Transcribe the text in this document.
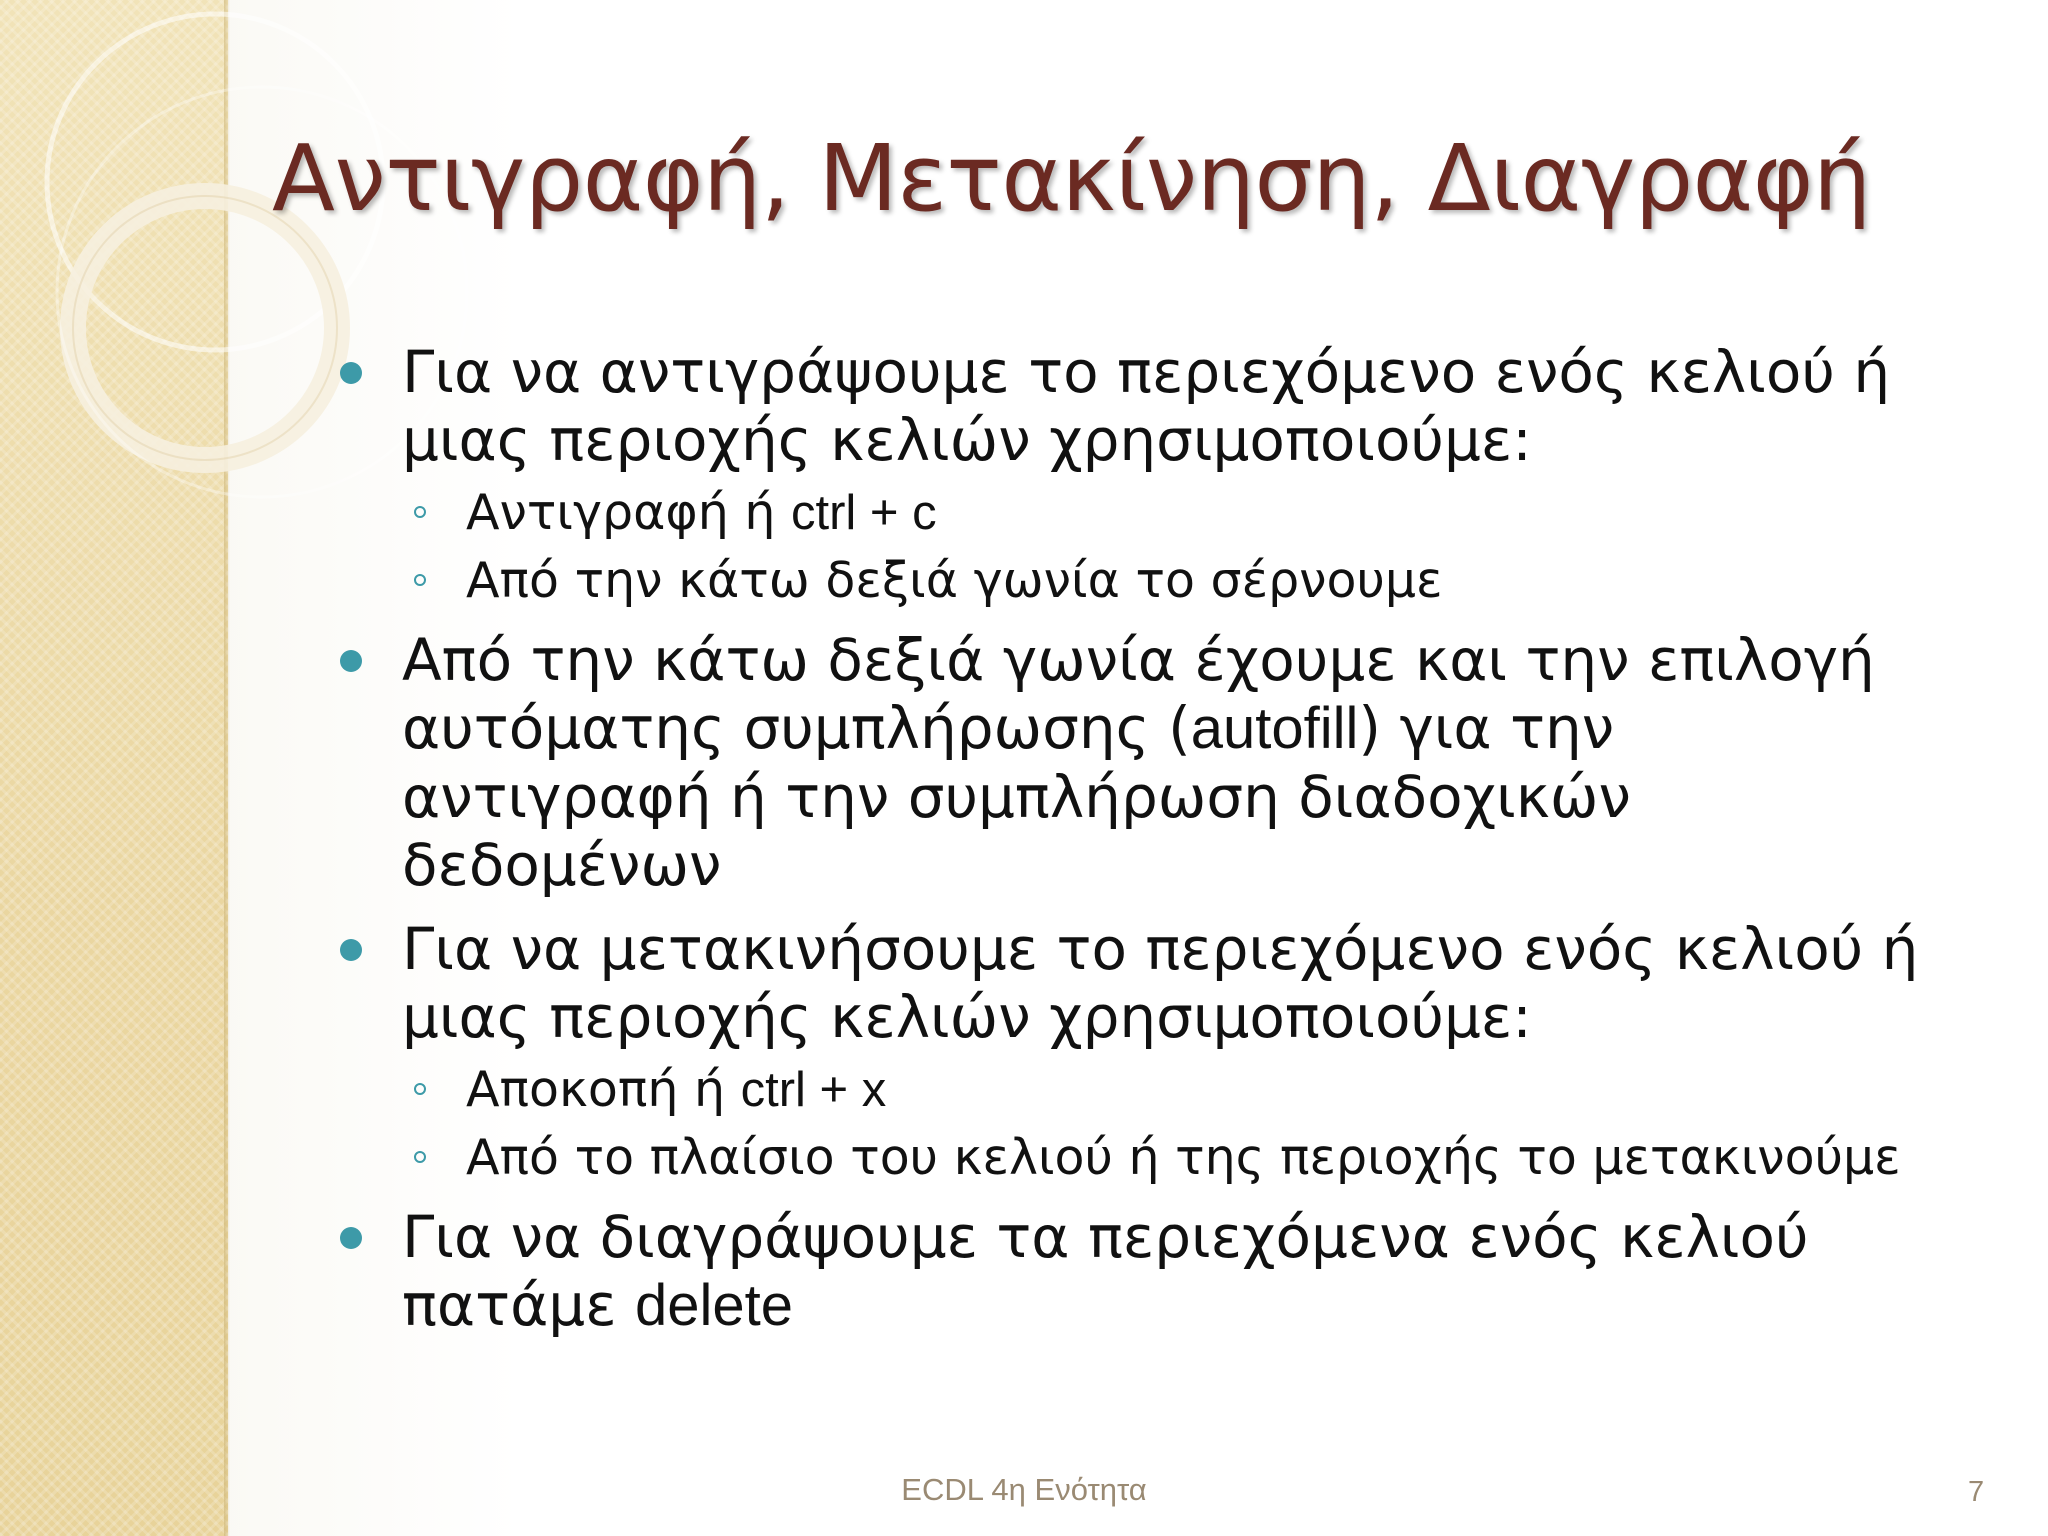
Αντιγραφή, Μετακίνηση, Διαγραφή
Για να αντιγράψουμε το περιεχόμενο ενός κελιού ή
μιας περιοχής κελιών χρησιμοποιούμε:
Αντιγραφή ή ctrl + c
Από την κάτω δεξιά γωνία το σέρνουμε
Από την κάτω δεξιά γωνία έχουμε και την επιλογή
αυτόματης συμπλήρωσης (autofill) για την
αντιγραφή ή την συμπλήρωση διαδοχικών
δεδομένων
Για να μετακινήσουμε το περιεχόμενο ενός κελιού ή
μιας περιοχής κελιών χρησιμοποιούμε:
Αποκοπή ή ctrl + x
Από το πλαίσιο του κελιού ή της περιοχής το μετακινούμε
Για να διαγράψουμε τα περιεχόμενα ενός κελιού
πατάμε delete
ECDL 4η Ενότητα	7
